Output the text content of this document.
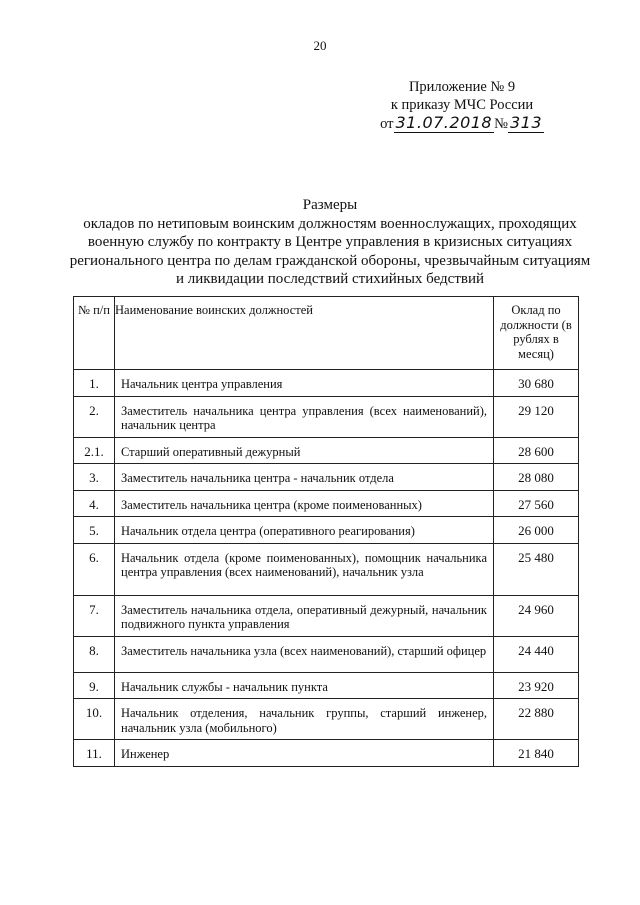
20
Приложение № 9
к приказу МЧС России
от 31.07.2018 № 313
Размеры
окладов по нетиповым воинским должностям военнослужащих, проходящих
военную службу по контракту в Центре управления в кризисных ситуациях
регионального центра по делам гражданской обороны, чрезвычайным ситуациям
и ликвидации последствий стихийных бедствий
№ п/п	Наименование воинских должностей	Оклад по должности (в рублях в месяц)
1.	Начальник центра управления	30 680
2.	Заместитель начальника центра управления (всех наименований), начальник центра	29 120
2.1.	Старший оперативный дежурный	28 600
3.	Заместитель начальника центра - начальник отдела	28 080
4.	Заместитель начальника центра (кроме поименованных)	27 560
5.	Начальник отдела центра (оперативного реагирования)	26 000
6.	Начальник отдела (кроме поименованных), помощник начальника центра управления (всех наименований), начальник узла	25 480
7.	Заместитель начальника отдела, оперативный дежурный, начальник подвижного пункта управления	24 960
8.	Заместитель начальника узла (всех наименований), старший офицер	24 440
9.	Начальник службы - начальник пункта	23 920
10.	Начальник отделения, начальник группы, старший инженер, начальник узла (мобильного)	22 880
11.	Инженер	21 840
